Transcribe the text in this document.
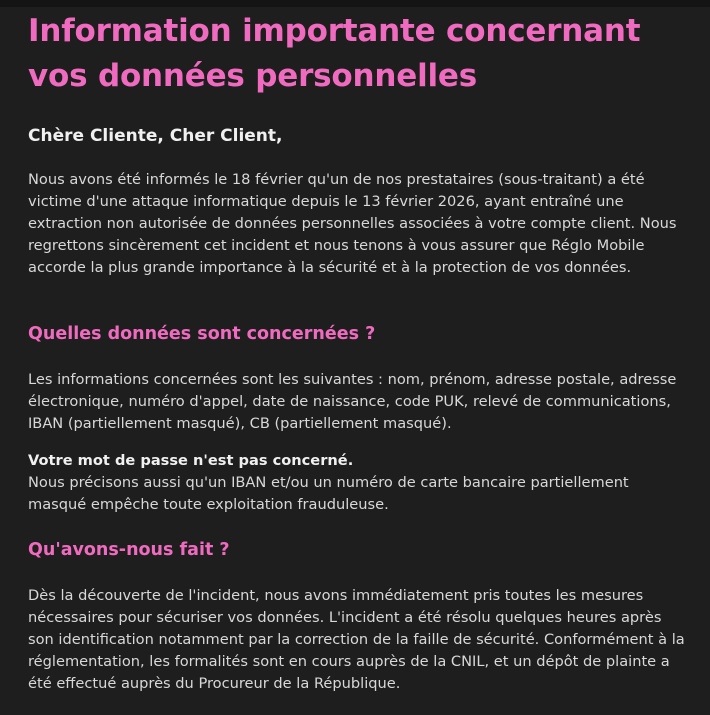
Information importante concernant
vos données personnelles
Chère Cliente, Cher Client,

Nous avons été informés le 18 février qu'un de nos prestataires (sous-traitant) a été victime d'une attaque informatique depuis le 13 février 2026, ayant entraîné une extraction non autorisée de données personnelles associées à votre compte client. Nous regrettons sincèrement cet incident et nous tenons à vous assurer que Réglo Mobile accorde la plus grande importance à la sécurité et à la protection de vos données.

Quelles données sont concernées ?

Les informations concernées sont les suivantes : nom, prénom, adresse postale, adresse électronique, numéro d'appel, date de naissance, code PUK, relevé de communications, IBAN (partiellement masqué), CB (partiellement masqué).

Votre mot de passe n'est pas concerné.
Nous précisons aussi qu'un IBAN et/ou un numéro de carte bancaire partiellement masqué empêche toute exploitation frauduleuse.

Qu'avons-nous fait ?

Dès la découverte de l'incident, nous avons immédiatement pris toutes les mesures nécessaires pour sécuriser vos données. L'incident a été résolu quelques heures après son identification notamment par la correction de la faille de sécurité. Conformément à la réglementation, les formalités sont en cours auprès de la CNIL, et un dépôt de plainte a été effectué auprès du Procureur de la République.
